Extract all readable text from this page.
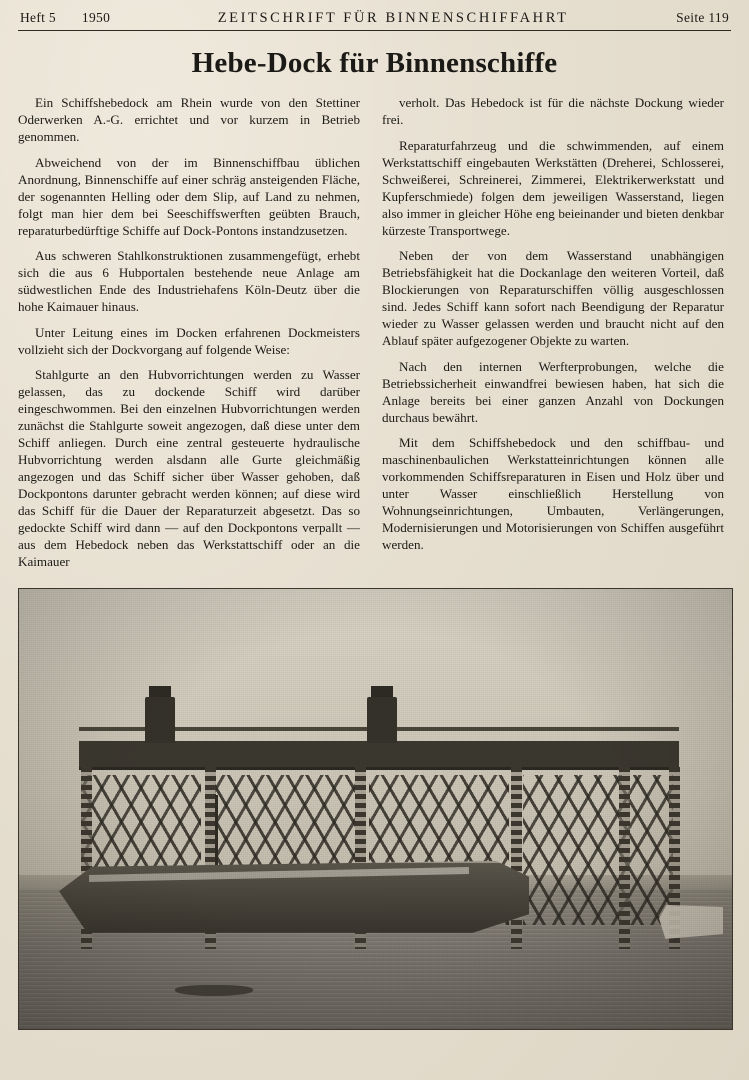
Heft 5 1950	ZEITSCHRIFT FÜR BINNENSCHIFFAHRT	Seite 119
Hebe-Dock für Binnenschiffe

Ein Schiffshebedock am Rhein wurde von den Stettiner Oderwerken A.-G. errichtet und vor kurzem in Betrieb genommen.

Abweichend von der im Binnenschiffbau üblichen Anordnung, Binnenschiffe auf einer schräg ansteigenden Fläche, der sogenannten Helling oder dem Slip, auf Land zu nehmen, folgt man hier dem bei Seeschiffswerften geübten Brauch, reparaturbedürftige Schiffe auf Dock-Pontons instandzusetzen.

Aus schweren Stahlkonstruktionen zusammengefügt, erhebt sich die aus 6 Hubportalen bestehende neue Anlage am südwestlichen Ende des Industriehafens Köln-Deutz über die hohe Kaimauer hinaus.

Unter Leitung eines im Docken erfahrenen Dockmeisters vollzieht sich der Dockvorgang auf folgende Weise:

Stahlgurte an den Hubvorrichtungen werden zu Wasser gelassen, das zu dockende Schiff wird darüber eingeschwommen. Bei den einzelnen Hubvorrichtungen werden zunächst die Stahlgurte soweit angezogen, daß diese unter dem Schiff anliegen. Durch eine zentral gesteuerte hydraulische Hubvorrichtung werden alsdann alle Gurte gleichmäßig angezogen und das Schiff sicher über Wasser gehoben, daß Dockpontons darunter gebracht werden können; auf diese wird das Schiff für die Dauer der Reparaturzeit abgesetzt. Das so gedockte Schiff wird dann — auf den Dockpontons verpallt — aus dem Hebedock neben das Werkstattschiff oder an die Kaimauer

verholt. Das Hebedock ist für die nächste Dockung wieder frei.

Reparaturfahrzeug und die schwimmenden, auf einem Werkstattschiff eingebauten Werkstätten (Dreherei, Schlosserei, Schweißerei, Schreinerei, Zimmerei, Elektrikerwerkstatt und Kupferschmiede) folgen dem jeweiligen Wasserstand, liegen also immer in gleicher Höhe eng beieinander und bieten denkbar kürzeste Transportwege.

Neben der von dem Wasserstand unabhängigen Betriebsfähigkeit hat die Dockanlage den weiteren Vorteil, daß Blockierungen von Reparaturschiffen völlig ausgeschlossen sind. Jedes Schiff kann sofort nach Beendigung der Reparatur wieder zu Wasser gelassen werden und braucht nicht auf den Ablauf später aufgezogener Objekte zu warten.

Nach den internen Werfterprobungen, welche die Betriebssicherheit einwandfrei bewiesen haben, hat sich die Anlage bereits bei einer ganzen Anzahl von Dockungen durchaus bewährt.

Mit dem Schiffshebedock und den schiffbau- und maschinenbaulichen Werkstatteinrichtungen können alle vorkommenden Schiffsreparaturen in Eisen und Holz über und unter Wasser einschließlich Herstellung von Wohnungseinrichtungen, Umbauten, Verlängerungen, Modernisierungen und Motorisierungen von Schiffen ausgeführt werden.
